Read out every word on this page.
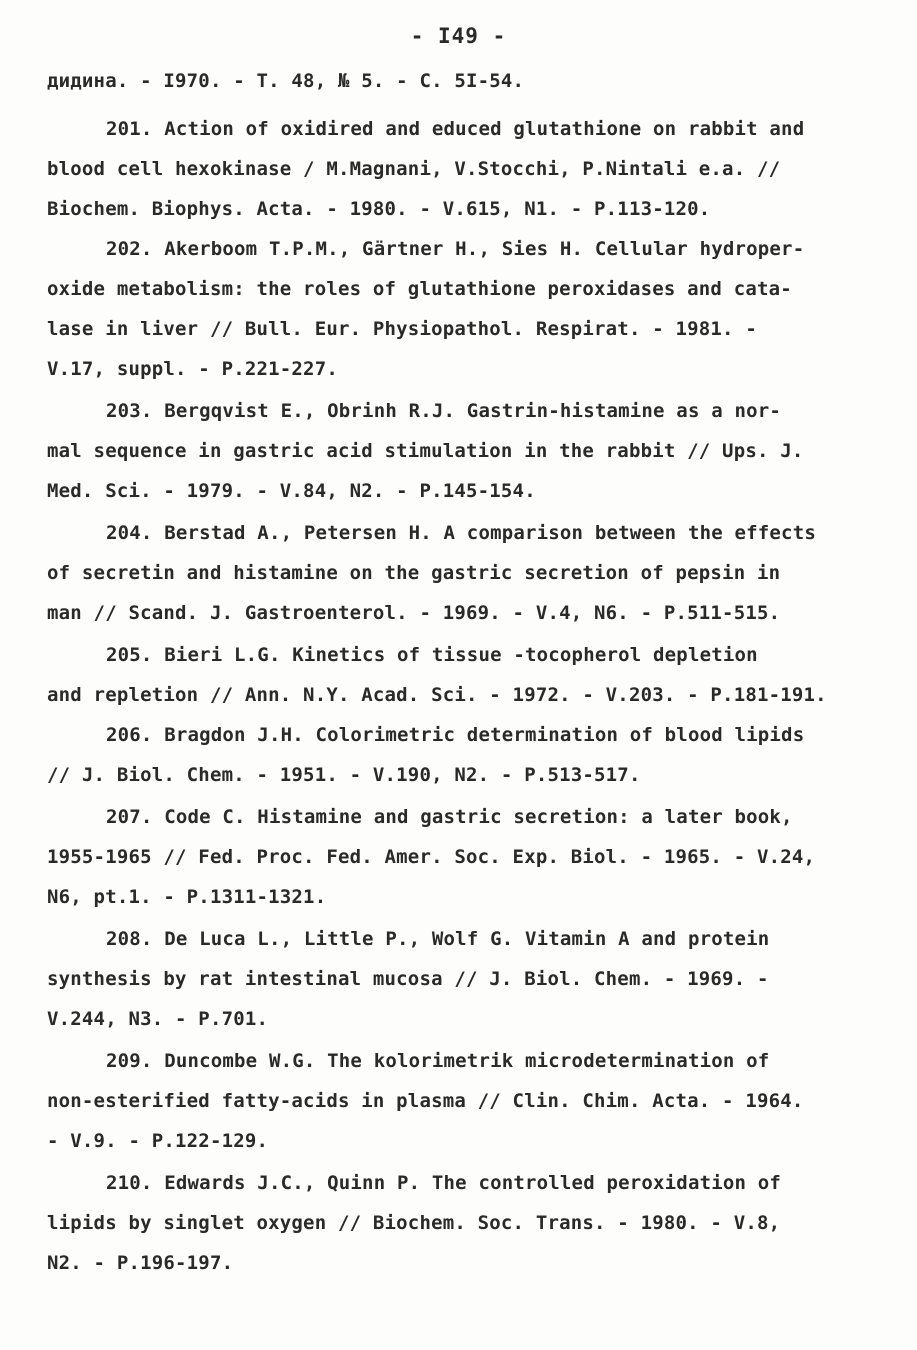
- I49 -
дидина. - I970. - Т. 48, № 5. - С. 5I-54.
201. Action of oxidired and educed glutathione on rabbit and
blood cell hexokinase / M.Magnani, V.Stocchi, P.Nintali e.a. //
Biochem. Biophys. Acta. - 1980. - V.615, N1. - P.113-120.
202. Akerboom T.P.M., Gärtner H., Sies H. Cellular hydroper-
oxide metabolism: the roles of glutathione peroxidases and cata-
lase in liver // Bull. Eur. Physiopathol. Respirat. - 1981. -
V.17, suppl. - P.221-227.
203. Bergqvist E., Obrinh R.J. Gastrin-histamine as a nor-
mal sequence in gastric acid stimulation in the rabbit // Ups. J.
Med. Sci. - 1979. - V.84, N2. - P.145-154.
204. Berstad A., Petersen H. A comparison between the effects
of secretin and histamine on the gastric secretion of pepsin in
man // Scand. J. Gastroenterol. - 1969. - V.4, N6. - P.511-515.
205. Bieri L.G. Kinetics of tissue -tocopherol depletion
and repletion // Ann. N.Y. Acad. Sci. - 1972. - V.203. - P.181-191.
206. Bragdon J.H. Colorimetric determination of blood lipids
// J. Biol. Chem. - 1951. - V.190, N2. - P.513-517.
207. Code C. Histamine and gastric secretion: a later book,
1955-1965 // Fed. Proc. Fed. Amer. Soc. Exp. Biol. - 1965. - V.24,
N6, pt.1. - P.1311-1321.
208. De Luca L., Little P., Wolf G. Vitamin A and protein
synthesis by rat intestinal mucosa // J. Biol. Chem. - 1969. -
V.244, N3. - P.701.
209. Duncombe W.G. The kolorimetrik microdetermination of
non-esterified fatty-acids in plasma // Clin. Chim. Acta. - 1964.
- V.9. - P.122-129.
210. Edwards J.C., Quinn P. The controlled peroxidation of
lipids by singlet oxygen // Biochem. Soc. Trans. - 1980. - V.8,
N2. - P.196-197.
